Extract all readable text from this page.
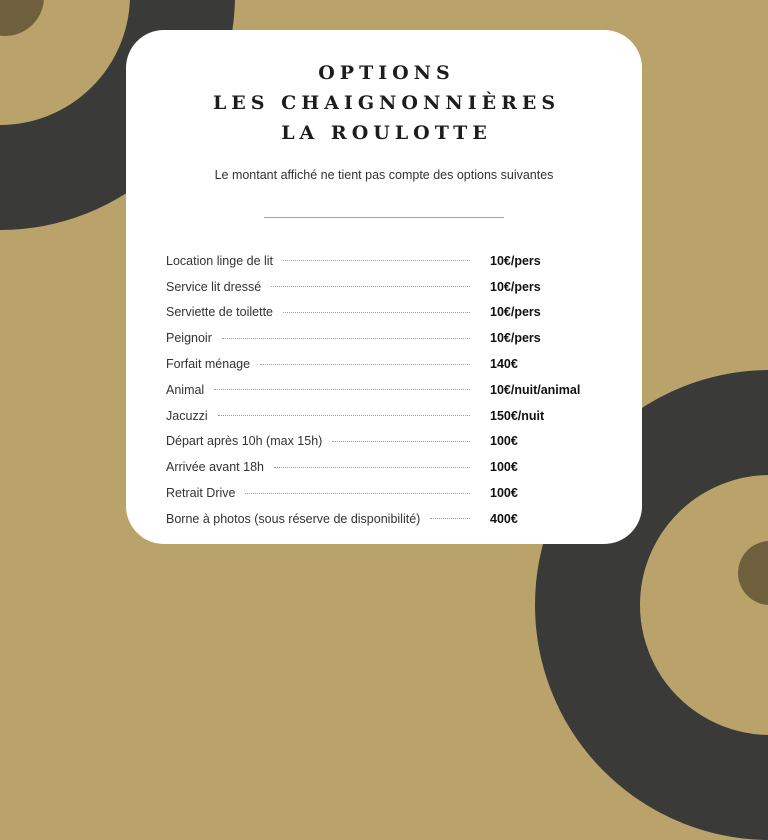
OPTIONS
LES CHAIGNONNIÈRES
LA ROULOTTE
Le montant affiché ne tient pas compte des options suivantes
Location linge de lit	10€/pers
Service lit dressé	10€/pers
Serviette de toilette	10€/pers
Peignoir	10€/pers
Forfait ménage	140€
Animal	10€/nuit/animal
Jacuzzi	150€/nuit
Départ après 10h (max 15h)	100€
Arrivée avant 18h	100€
Retrait Drive	100€
Borne à photos (sous réserve de disponibilité)	400€
